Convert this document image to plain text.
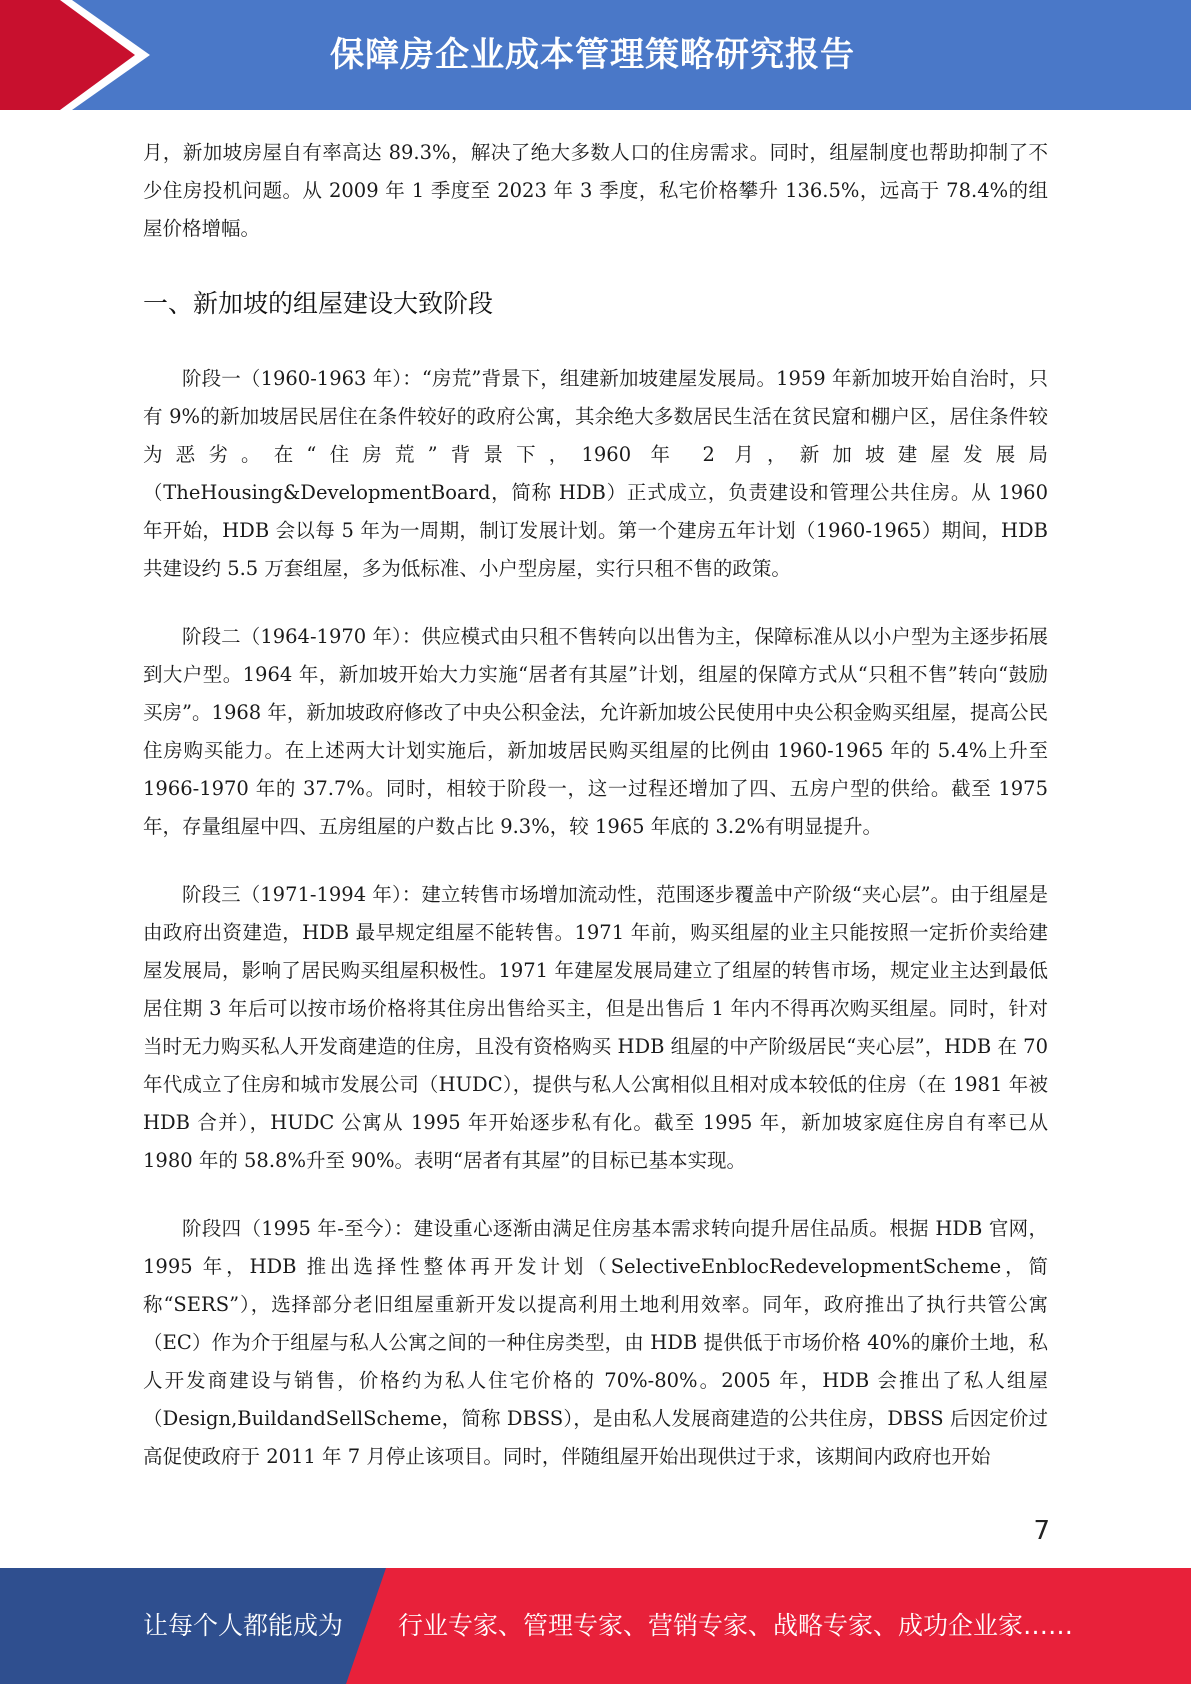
保障房企业成本管理策略研究报告

月，新加坡房屋自有率高达 89.3%，解决了绝大多数人口的住房需求。同时，组屋制度也帮助抑制了不少住房投机问题。从 2009 年 1 季度至 2023 年 3 季度，私宅价格攀升 136.5%，远高于 78.4%的组屋价格增幅。

一、新加坡的组屋建设大致阶段

阶段一（1960-1963 年）：“房荒”背景下，组建新加坡建屋发展局。1959 年新加坡开始自治时，只有 9%的新加坡居民居住在条件较好的政府公寓，其余绝大多数居民生活在贫民窟和棚户区，居住条件较为恶劣。在“住房荒”背景下，1960 年 2 月，新加坡建屋发展局（TheHousing&DevelopmentBoard，简称 HDB）正式成立，负责建设和管理公共住房。从 1960 年开始，HDB 会以每 5 年为一周期，制订发展计划。第一个建房五年计划（1960-1965）期间，HDB 共建设约 5.5 万套组屋，多为低标准、小户型房屋，实行只租不售的政策。

阶段二（1964-1970 年）：供应模式由只租不售转向以出售为主，保障标准从以小户型为主逐步拓展到大户型。1964 年，新加坡开始大力实施“居者有其屋”计划，组屋的保障方式从“只租不售”转向“鼓励买房”。1968 年，新加坡政府修改了中央公积金法，允许新加坡公民使用中央公积金购买组屋，提高公民住房购买能力。在上述两大计划实施后，新加坡居民购买组屋的比例由 1960-1965 年的 5.4%上升至 1966-1970 年的 37.7%。同时，相较于阶段一，这一过程还增加了四、五房户型的供给。截至 1975 年，存量组屋中四、五房组屋的户数占比 9.3%，较 1965 年底的 3.2%有明显提升。

阶段三（1971-1994 年）：建立转售市场增加流动性，范围逐步覆盖中产阶级“夹心层”。由于组屋是由政府出资建造，HDB 最早规定组屋不能转售。1971 年前，购买组屋的业主只能按照一定折价卖给建屋发展局，影响了居民购买组屋积极性。1971 年建屋发展局建立了组屋的转售市场，规定业主达到最低居住期 3 年后可以按市场价格将其住房出售给买主，但是出售后 1 年内不得再次购买组屋。同时，针对当时无力购买私人开发商建造的住房，且没有资格购买 HDB 组屋的中产阶级居民“夹心层”，HDB 在 70 年代成立了住房和城市发展公司（HUDC），提供与私人公寓相似且相对成本较低的住房（在 1981 年被 HDB 合并），HUDC 公寓从 1995 年开始逐步私有化。截至 1995 年，新加坡家庭住房自有率已从 1980 年的 58.8%升至 90%。表明“居者有其屋”的目标已基本实现。

阶段四（1995 年-至今）：建设重心逐渐由满足住房基本需求转向提升居住品质。根据 HDB 官网，1995 年，HDB 推出选择性整体再开发计划（SelectiveEnblocRedevelopmentScheme，简称“SERS”），选择部分老旧组屋重新开发以提高利用土地利用效率。同年，政府推出了执行共管公寓（EC）作为介于组屋与私人公寓之间的一种住房类型，由 HDB 提供低于市场价格 40%的廉价土地，私人开发商建设与销售，价格约为私人住宅价格的 70%-80%。2005 年，HDB 会推出了私人组屋（Design,BuildandSellScheme，简称 DBSS），是由私人发展商建造的公共住房，DBSS 后因定价过高促使政府于 2011 年 7 月停止该项目。同时，伴随组屋开始出现供过于求，该期间内政府也开始

7
让每个人都能成为 行业专家、管理专家、营销专家、战略专家、成功企业家……
